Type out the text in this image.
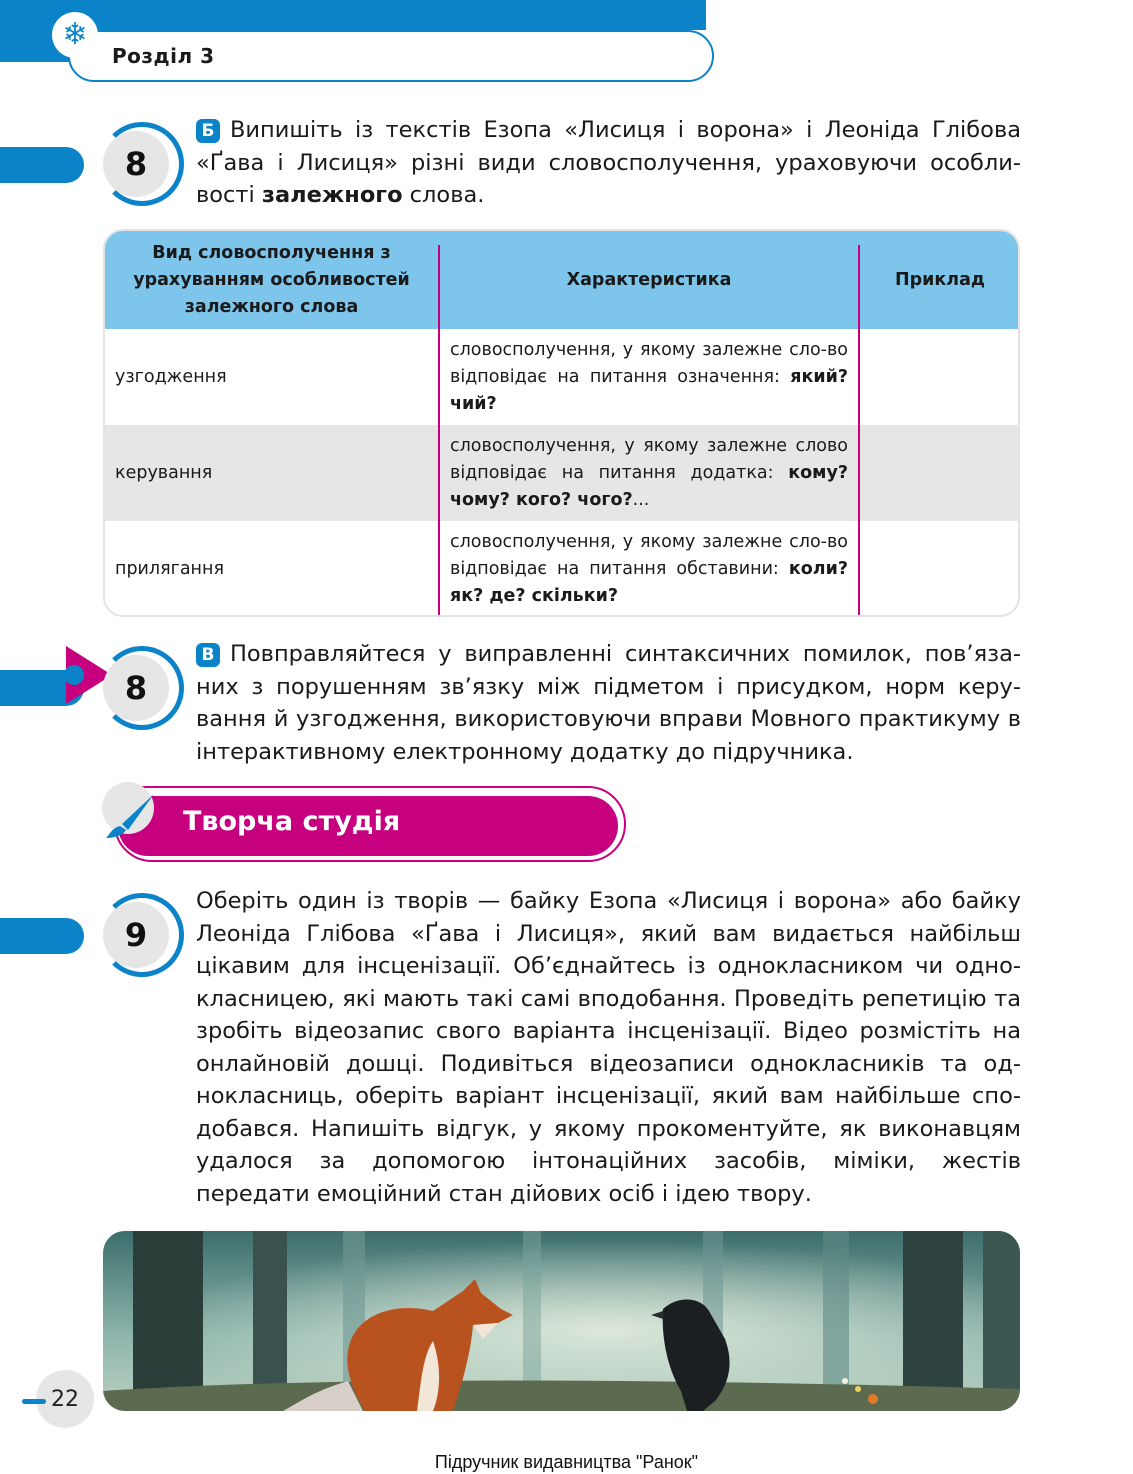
❄
Розділ 3
8
Б Випишіть із текстів Езопа «Лисиця і ворона» і Леоніда Глібова «Ґава і Лисиця» різні види словосполучення, ураховуючи особли-вості залежного слова.
Вид словосполучення з урахуванням особливостей залежного слова
Характеристика	Приклад
узгодження
словосполучення, у якому залежне сло-во відповідає на питання означення: який? чий?
керування
словосполучення, у якому залежне слово відповідає на питання додатка: кому? чому? кого? чого?...
прилягання
словосполучення, у якому залежне сло-во відповідає на питання обставини: коли? як? де? скільки?
8
В Повправляйтеся у виправленні синтаксичних помилок, пов’яза-них з порушенням зв’язку між підметом і присудком, норм керу-вання й узгодження, використовуючи вправи Мовного практикуму в інтерактивному електронному додатку до підручника.
Творча студія
9
Оберіть один із творів — байку Езопа «Лисиця і ворона» або байку Леоніда Глібова «Ґава і Лисиця», який вам видається найбільш цікавим для інсценізації. Об’єднайтесь із однокласником чи одно-класницею, які мають такі самі вподобання. Проведіть репетицію та зробіть відеозапис свого варіанта інсценізації. Відео розмістіть на онлайновій дошці. Подивіться відеозаписи однокласників та од-нокласниць, оберіть варіант інсценізації, який вам найбільше спо-добався. Напишіть відгук, у якому прокоментуйте, як виконавцям удалося за допомогою інтонаційних засобів, міміки, жестів передати емоційний стан дійових осіб і ідею твору.
22
Підручник видавництва "Ранок"
